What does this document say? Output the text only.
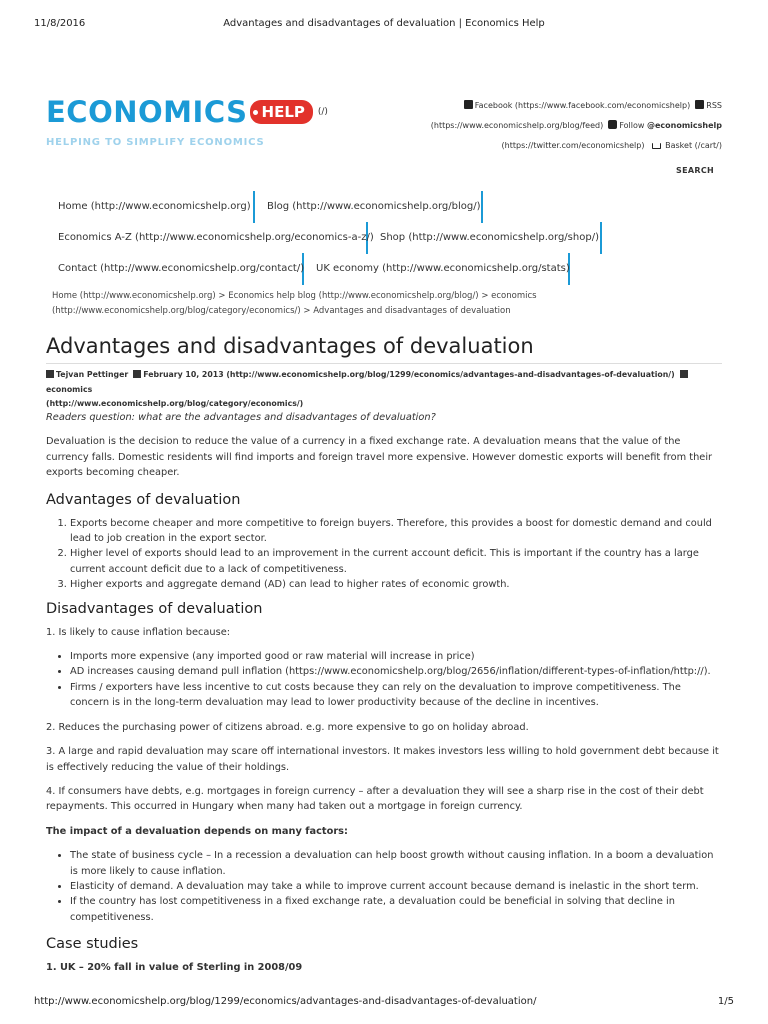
11/8/2016	Advantages and disadvantages of devaluation | Economics Help
ECONOMICS HELP (/)
HELPING TO SIMPLIFY ECONOMICS
Facebook (https://www.facebook.com/economicshelp) RSS
(https://www.economicshelp.org/blog/feed) Follow @economicshelp
(https://twitter.com/economicshelp)	Basket (/cart/)
SEARCH
Home (http://www.economicshelp.org)	Blog (http://www.economicshelp.org/blog/)
Economics A-Z (http://www.economicshelp.org/economics-a-z/) Shop (http://www.economicshelp.org/shop/)
Contact (http://www.economicshelp.org/contact/)	UK economy (http://www.economicshelp.org/stats)
Home (http://www.economicshelp.org) > Economics help blog (http://www.economicshelp.org/blog/) > economics
(http://www.economicshelp.org/blog/category/economics/) > Advantages and disadvantages of devaluation
Advantages and disadvantages of devaluation
Tejvan Pettinger February 10, 2013 (http://www.economicshelp.org/blog/1299/economics/advantages-and-disadvantages-of-devaluation/)  economics
(http://www.economicshelp.org/blog/category/economics/)

Readers question: what are the advantages and disadvantages of devaluation?

Devaluation is the decision to reduce the value of a currency in a fixed exchange rate. A devaluation means that the value of the currency falls. Domestic residents will find imports and foreign travel more expensive. However domestic exports will benefit from their exports becoming cheaper.

Advantages of devaluation
1. Exports become cheaper and more competitive to foreign buyers. Therefore, this provides a boost for domestic demand and could lead to job creation in the export sector.
2. Higher level of exports should lead to an improvement in the current account deficit. This is important if the country has a large current account deficit due to a lack of competitiveness.
3. Higher exports and aggregate demand (AD) can lead to higher rates of economic growth.
Disadvantages of devaluation

1. Is likely to cause inflation because:

• Imports more expensive (any imported good or raw material will increase in price)
• AD increases causing demand pull inflation (https://www.economicshelp.org/blog/2656/inflation/different-types-of-inflation/http://).
• Firms / exporters have less incentive to cut costs because they can rely on the devaluation to improve competitiveness. The concern is in the long-term devaluation may lead to lower productivity because of the decline in incentives.

2. Reduces the purchasing power of citizens abroad. e.g. more expensive to go on holiday abroad.

3. A large and rapid devaluation may scare off international investors. It makes investors less willing to hold government debt because it is effectively reducing the value of their holdings.

4. If consumers have debts, e.g. mortgages in foreign currency – after a devaluation they will see a sharp rise in the cost of their debt repayments. This occurred in Hungary when many had taken out a mortgage in foreign currency.

The impact of a devaluation depends on many factors:

• The state of business cycle – In a recession a devaluation can help boost growth without causing inflation. In a boom a devaluation is more likely to cause inflation.
• Elasticity of demand. A devaluation may take a while to improve current account because demand is inelastic in the short term.
• If the country has lost competitiveness in a fixed exchange rate, a devaluation could be beneficial in solving that decline in competitiveness.
Case studies

1. UK – 20% fall in value of Sterling in 2008/09

http://www.economicshelp.org/blog/1299/economics/advantages-and-disadvantages-of-devaluation/	1/5
